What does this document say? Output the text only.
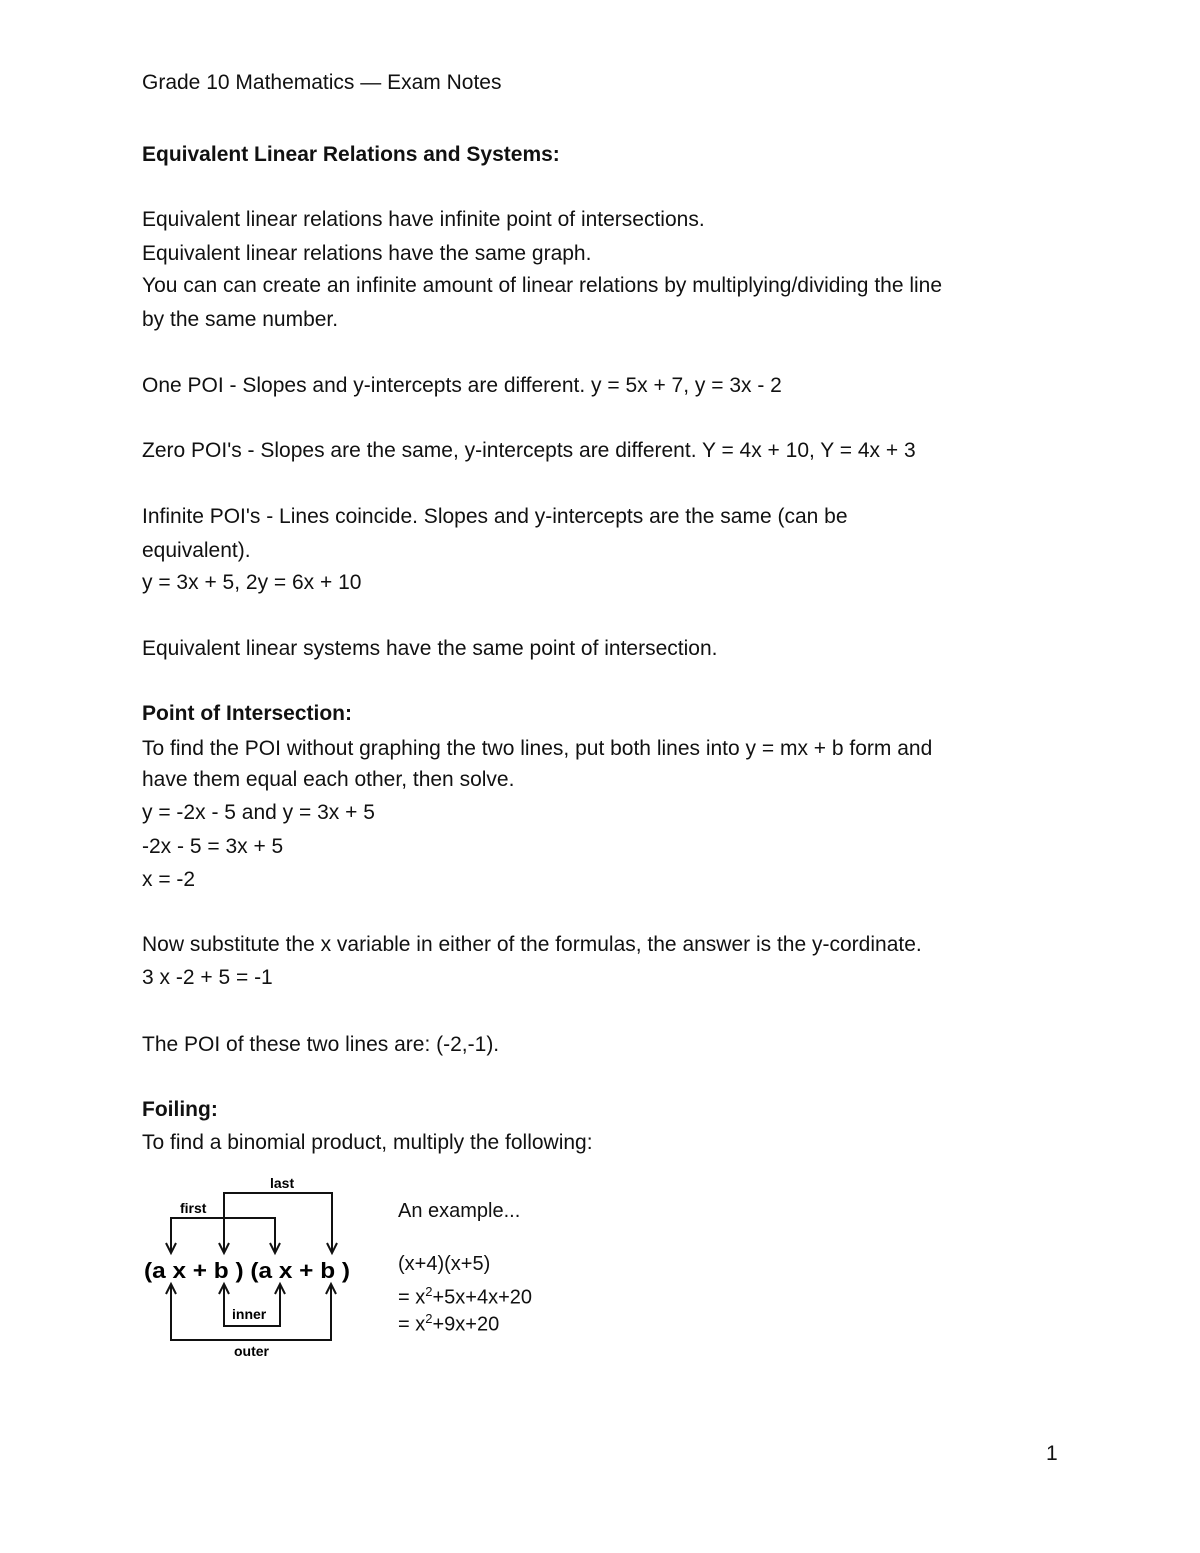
Grade 10 Mathematics — Exam Notes

Equivalent Linear Relations and Systems:

Equivalent linear relations have infinite point of intersections.

Equivalent linear relations have the same graph.

You can can create an infinite amount of linear relations by multiplying/dividing the line

by the same number.

One POI - Slopes and y-intercepts are different. y = 5x + 7, y = 3x - 2

Zero POI's - Slopes are the same, y-intercepts are different. Y = 4x + 10, Y = 4x + 3

Infinite POI's - Lines coincide. Slopes and y-intercepts are the same (can be

equivalent).

y = 3x + 5, 2y = 6x + 10

Equivalent linear systems have the same point of intersection.

Point of Intersection:

To find the POI without graphing the two lines, put both lines into y = mx + b form and

have them equal each other, then solve.

y = -2x - 5 and y = 3x + 5

-2x - 5 = 3x + 5

x = -2

Now substitute the x variable in either of the formulas, the answer is the y-cordinate.

3 x -2 + 5 = -1

The POI of these two lines are: (-2,-1).

Foiling:

To find a binomial product, multiply the following:

last
first
(a x + b ) (a x + b )
inner
outer

An example...

(x+4)(x+5)

= $x^2+5x+4x+20$

= $x^2+9x+20$

1
